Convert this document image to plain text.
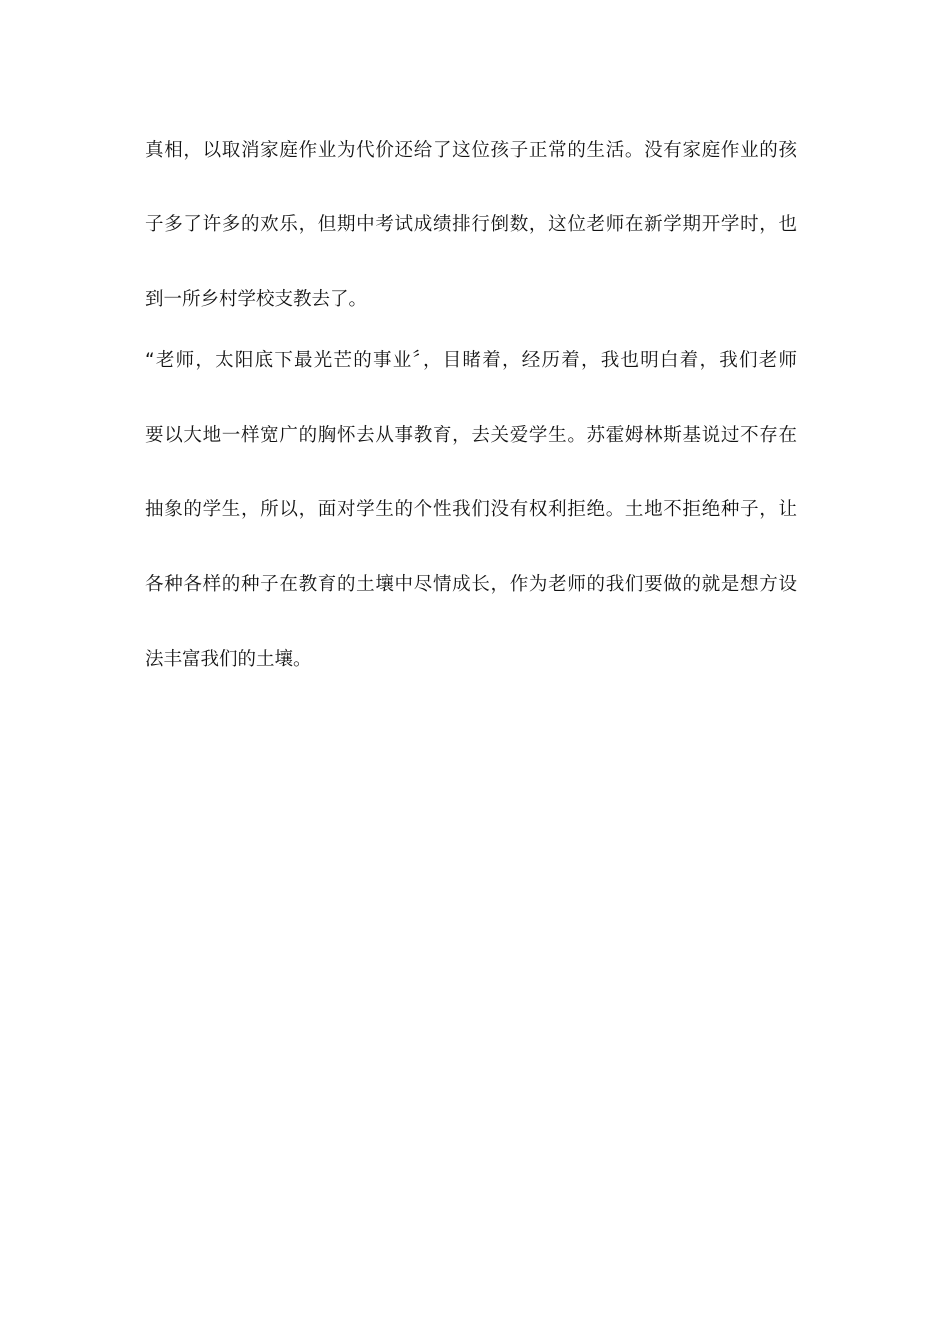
真相，以取消家庭作业为代价还给了这位孩子正常的生活。没有家庭作业的孩

子多了许多的欢乐，但期中考试成绩排行倒数，这位老师在新学期开学时，也

到一所乡村学校支教去了。

“老师，太阳底下最光芒的事业〞，目睹着，经历着，我也明白着，我们老师

要以大地一样宽广的胸怀去从事教育，去关爱学生。苏霍姆林斯基说过不存在

抽象的学生，所以，面对学生的个性我们没有权利拒绝。土地不拒绝种子，让

各种各样的种子在教育的土壤中尽情成长，作为老师的我们要做的就是想方设

法丰富我们的土壤。
